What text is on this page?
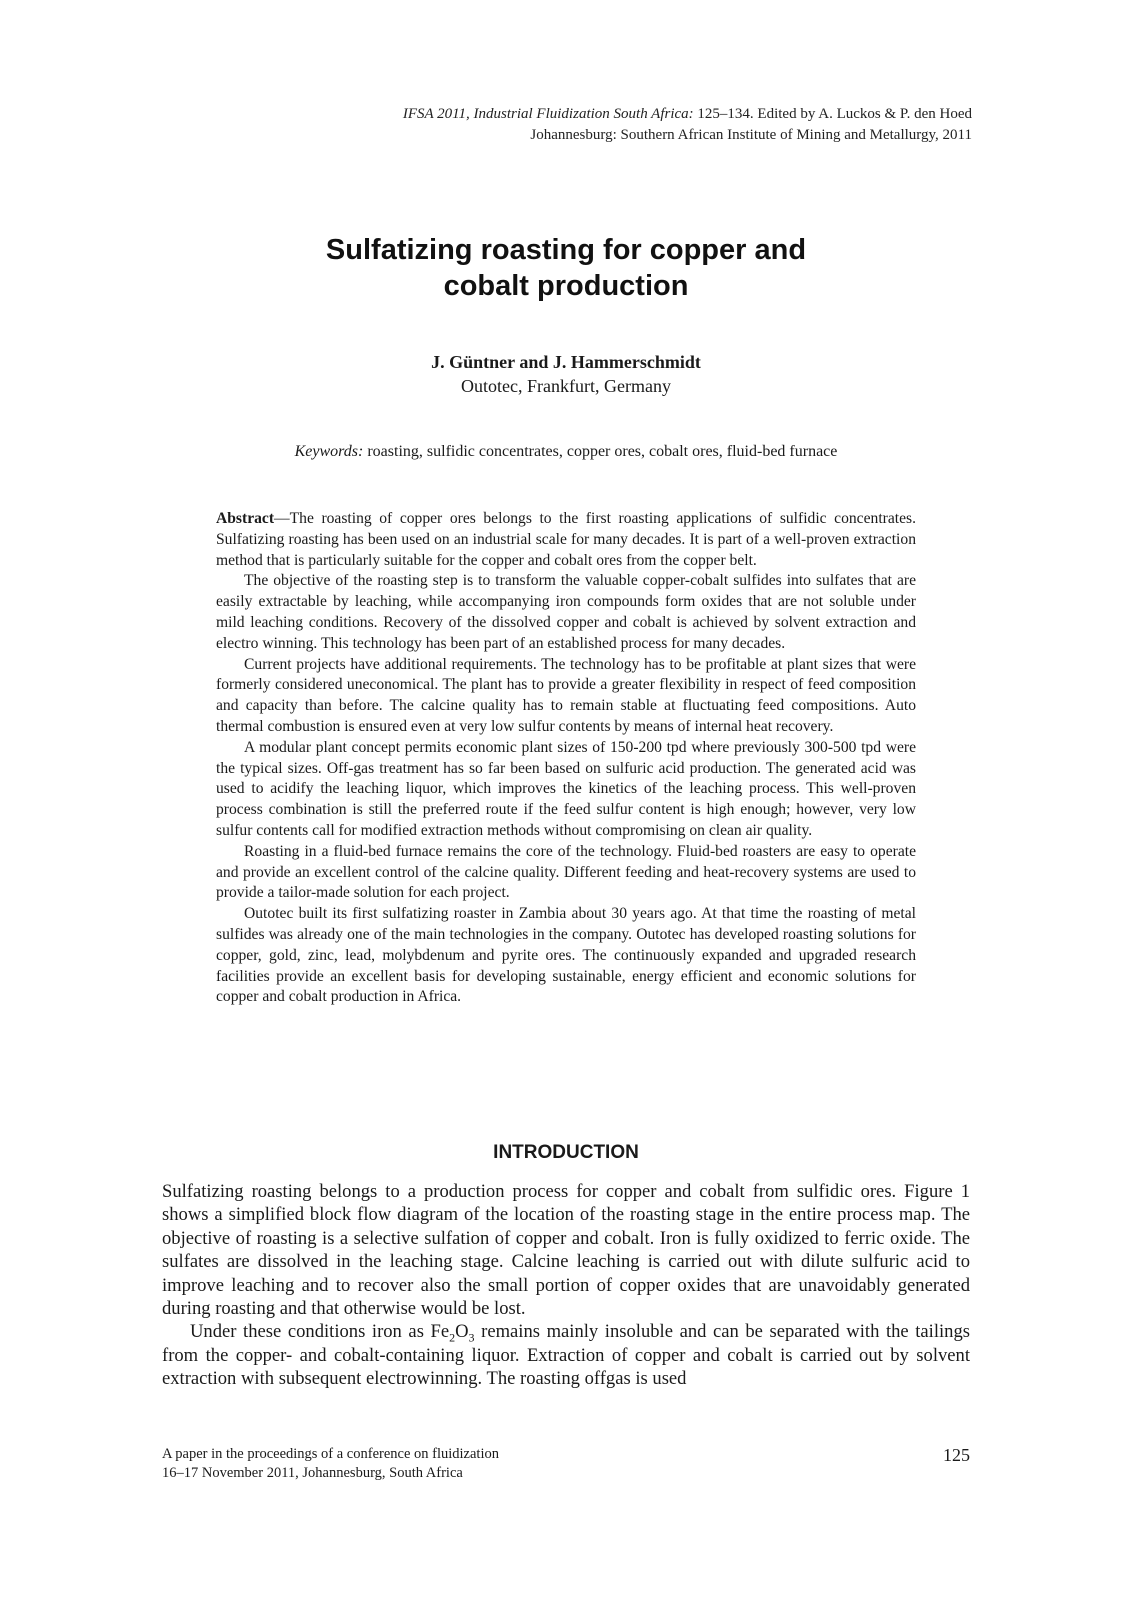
IFSA 2011, Industrial Fluidization South Africa: 125–134. Edited by A. Luckos & P. den Hoed
Johannesburg: Southern African Institute of Mining and Metallurgy, 2011
Sulfatizing roasting for copper and
cobalt production
J. Güntner and J. Hammerschmidt
Outotec, Frankfurt, Germany
Keywords: roasting, sulfidic concentrates, copper ores, cobalt ores, fluid-bed furnace

Abstract—The roasting of copper ores belongs to the first roasting applications of sulfidic concentrates. Sulfatizing roasting has been used on an industrial scale for many decades. It is part of a well-proven extraction method that is particularly suitable for the copper and cobalt ores from the copper belt.

The objective of the roasting step is to transform the valuable copper-cobalt sulfides into sulfates that are easily extractable by leaching, while accompanying iron compounds form oxides that are not soluble under mild leaching conditions. Recovery of the dissolved copper and cobalt is achieved by solvent extraction and electro winning. This technology has been part of an established process for many decades.

Current projects have additional requirements. The technology has to be profitable at plant sizes that were formerly considered uneconomical. The plant has to provide a greater flexibility in respect of feed composition and capacity than before. The calcine quality has to remain stable at fluctuating feed compositions. Auto thermal combustion is ensured even at very low sulfur contents by means of internal heat recovery.

A modular plant concept permits economic plant sizes of 150-200 tpd where previously 300-500 tpd were the typical sizes. Off-gas treatment has so far been based on sulfuric acid production. The generated acid was used to acidify the leaching liquor, which improves the kinetics of the leaching process. This well-proven process combination is still the preferred route if the feed sulfur content is high enough; however, very low sulfur contents call for modified extraction methods without compromising on clean air quality.

Roasting in a fluid-bed furnace remains the core of the technology. Fluid-bed roasters are easy to operate and provide an excellent control of the calcine quality. Different feeding and heat-recovery systems are used to provide a tailor-made solution for each project.

Outotec built its first sulfatizing roaster in Zambia about 30 years ago. At that time the roasting of metal sulfides was already one of the main technologies in the company. Outotec has developed roasting solutions for copper, gold, zinc, lead, molybdenum and pyrite ores. The continuously expanded and upgraded research facilities provide an excellent basis for developing sustainable, energy efficient and economic solutions for copper and cobalt production in Africa.

INTRODUCTION

Sulfatizing roasting belongs to a production process for copper and cobalt from sulfidic ores. Figure 1 shows a simplified block flow diagram of the location of the roasting stage in the entire process map. The objective of roasting is a selective sulfation of copper and cobalt. Iron is fully oxidized to ferric oxide. The sulfates are dissolved in the leaching stage. Calcine leaching is carried out with dilute sulfuric acid to improve leaching and to recover also the small portion of copper oxides that are unavoidably generated during roasting and that otherwise would be lost.

Under these conditions iron as $Fe_2O_3$ remains mainly insoluble and can be separated with the tailings from the copper- and cobalt-containing liquor. Extraction of copper and cobalt is carried out by solvent extraction with subsequent electrowinning. The roasting offgas is used

A paper in the proceedings of a conference on fluidization
16–17 November 2011, Johannesburg, South Africa
125
